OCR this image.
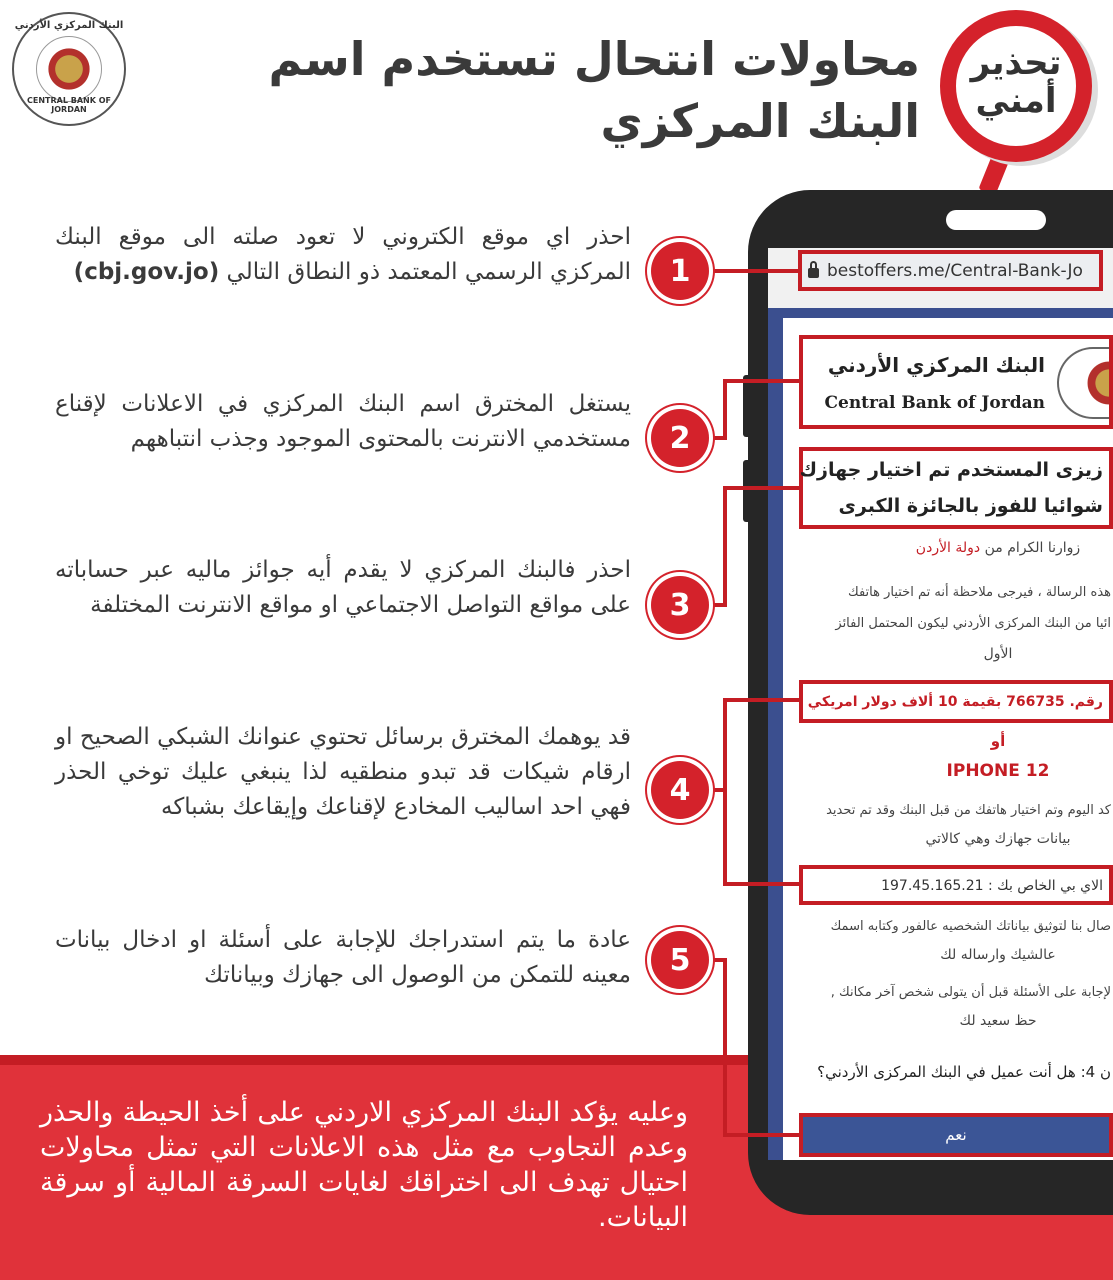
البنك المركزي الأردني
CENTRAL BANK OF JORDAN
محاولات انتحال تستخدم اسم
البنك المركزي
تحذير
أمني
احذر اي موقع الكتروني لا تعود صلته الى موقع البنك المركزي الرسمي المعتمد ذو النطاق التالي (cbj.gov.jo)
يستغل المخترق اسم البنك المركزي في الاعلانات لإقناع مستخدمي الانترنت بالمحتوى الموجود وجذب انتباههم
احذر فالبنك المركزي لا يقدم أيه جوائز ماليه عبر حساباته على مواقع التواصل الاجتماعي او مواقع الانترنت المختلفة
قد يوهمك المخترق برسائل تحتوي عنوانك الشبكي الصحيح او ارقام شيكات قد تبدو منطقيه لذا ينبغي عليك توخي الحذر فهي احد اساليب المخادع لإقناعك وإيقاعك بشباكه
عادة ما يتم استدراجك للإجابة على أسئلة او ادخال بيانات معينه للتمكن من الوصول الى جهازك وبياناتك
وعليه يؤكد البنك المركزي الاردني على أخذ الحيطة والحذر وعدم التجاوب مع مثل هذه الاعلانات التي تمثل محاولات احتيال تهدف الى اختراقك لغايات السرقة المالية أو سرقة البيانات.
bestoffers.me/Central-Bank-Jo
البنك المركزي الأردني
Central Bank of Jordan
زيزى المستخدم تم اختيار جهازك
شوائيا للفوز بالجائزة الكبرى
زوارنا الكرام من دولة الأردن
هذه الرسالة ، فيرجى ملاحظة أنه تم اختيار هاتفك
ائيا من البنك المركزى الأردني ليكون المحتمل الفائز
الأول
رقم. 766735 بقيمة 10 ألاف دولار امريكي
أو
IPHONE 12
كد اليوم وتم اختيار هاتفك من قبل البنك وقد تم تحديد
بيانات جهازك وهي كالاتي
الاي بي الخاص بك : 197.45.165.21
صال بنا لتوثيق بياناتك الشخصيه عالفور وكتابه اسمك
عالشيك وارساله لك
لإجابة على الأسئلة قبل أن يتولى شخص آخر مكانك ,
حظ سعيد لك
ن 4: هل أنت عميل في البنك المركزى الأردني؟
نعم
1
2
3
4
5
